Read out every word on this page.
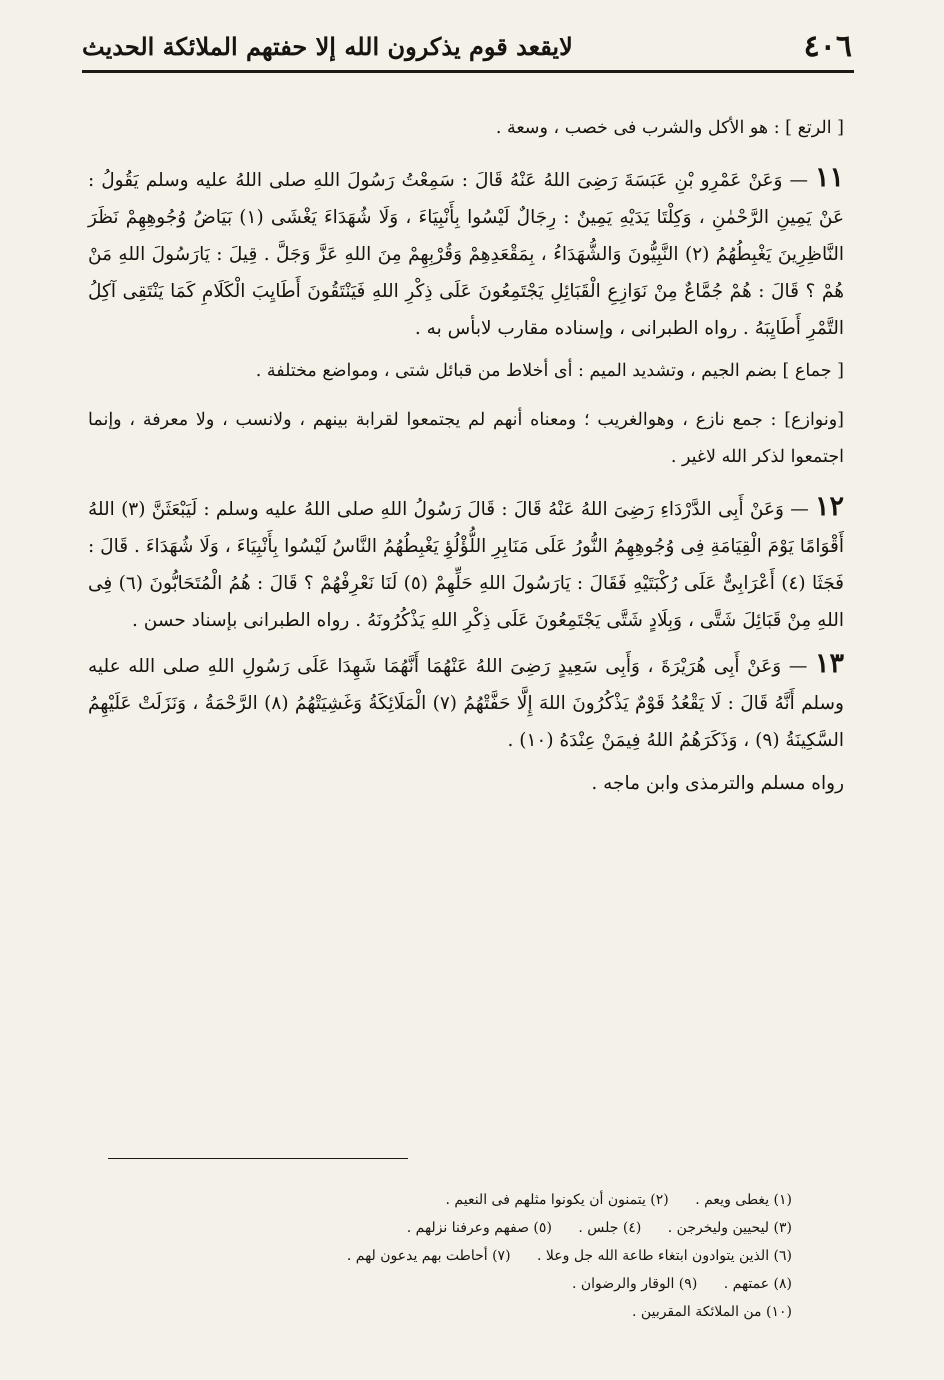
٤٠٦
لايقعد قوم يذكرون الله إلا حفتهم الملائكة الحديث

[ الرتع ] : هو الأكل والشرب فى خصب ، وسعة .

١١ — وَعَنْ عَمْرِو بْنِ عَبَسَةَ رَضِىَ اللهُ عَنْهُ قَالَ : سَمِعْتُ رَسُولَ اللهِ صلى اللهُ عليه وسلم يَقُولُ : عَنْ يَمِينِ الرَّحْمٰنِ ، وَكِلْتَا يَدَيْهِ يَمِينٌ : رِجَالٌ لَيْسُوا بِأَنْبِيَاءَ ، وَلَا شُهَدَاءَ يَغْشَى (١) بَيَاضُ وُجُوهِهِمْ نَظَرَ النَّاظِرِينَ يَغْبِطُهُمُ (٢) النَّبِيُّونَ وَالشُّهَدَاءُ ، بِمَقْعَدِهِمْ وَقُرْبِهِمْ مِنَ اللهِ عَزَّ وَجَلَّ . قِيلَ : يَارَسُولَ اللهِ مَنْ هُمْ ؟ قَالَ : هُمْ جُمَّاعٌ مِنْ نَوَازِعِ الْقَبَائِلِ يَجْتَمِعُونَ عَلَى ذِكْرِ اللهِ فَيَنْتَقُونَ أَطَايِبَ الْكَلَامِ كَمَا يَنْتَقِى آكِلُ التَّمْرِ أَطَايِبَهُ . رواه الطبرانى ، وإسناده مقارب لابأس به .

[ جماع ] بضم الجيم ، وتشديد الميم : أى أخلاط من قبائل شتى ، ومواضع مختلفة .

[ونوازع] : جمع نازع ، وهوالغريب ؛ ومعناه أنهم لم يجتمعوا لقرابة بينهم ، ولانسب ، ولا معرفة ، وإنما اجتمعوا لذكر الله لاغير .

١٢ — وَعَنْ أَبِى الدَّرْدَاءِ رَضِىَ اللهُ عَنْهُ قَالَ : قَالَ رَسُولُ اللهِ صلى اللهُ عليه وسلم : لَيَبْعَثَنَّ (٣) اللهُ أَقْوَامًا يَوْمَ الْقِيَامَةِ فِى وُجُوهِهِمُ النُّورُ عَلَى مَنَابِرِ اللُّؤْلُؤِ يَغْبِطُهُمُ النَّاسُ لَيْسُوا بِأَنْبِيَاءَ ، وَلَا شُهَدَاءَ . قَالَ : فَجَثَا (٤) أَعْرَابِىٌّ عَلَى رُكْبَتَيْهِ فَقَالَ : يَارَسُولَ اللهِ حَلِّهِمْ (٥) لَنَا نَعْرِفْهُمْ ؟ قَالَ : هُمُ الْمُتَحَابُّونَ (٦) فِى اللهِ مِنْ قَبَائِلَ شَتَّى ، وَبِلَادٍ شَتَّى يَجْتَمِعُونَ عَلَى ذِكْرِ اللهِ يَذْكُرُونَهُ . رواه الطبرانى بإسناد حسن .

١٣ — وَعَنْ أَبِى هُرَيْرَةَ ، وَأَبِى سَعِيدٍ رَضِىَ اللهُ عَنْهُمَا أَنَّهُمَا شَهِدَا عَلَى رَسُولِ اللهِ صلى الله عليه وسلم أَنَّهُ قَالَ : لَا يَقْعُدُ قَوْمٌ يَذْكُرُونَ اللهَ إِلَّا حَفَّتْهُمُ (٧) الْمَلَائِكَةُ وَغَشِيَتْهُمُ (٨) الرَّحْمَةُ ، وَنَزَلَتْ عَلَيْهِمُ السَّكِينَةُ (٩) ، وَذَكَرَهُمُ اللهُ فِيمَنْ عِنْدَهُ (١٠) .

رواه مسلم والترمذى وابن ماجه .

(١) يغطى ويعم . (٢) يتمنون أن يكونوا مثلهم فى النعيم .
(٣) ليحيين وليخرجن . (٤) جلس . (٥) صفهم وعرفنا نزلهم .
(٦) الذين يتوادون ابتغاء طاعة الله جل وعلا . (٧) أحاطت بهم يدعون لهم .
(٨) عمتهم . (٩) الوقار والرضوان .
(١٠) من الملائكة المقربين .
